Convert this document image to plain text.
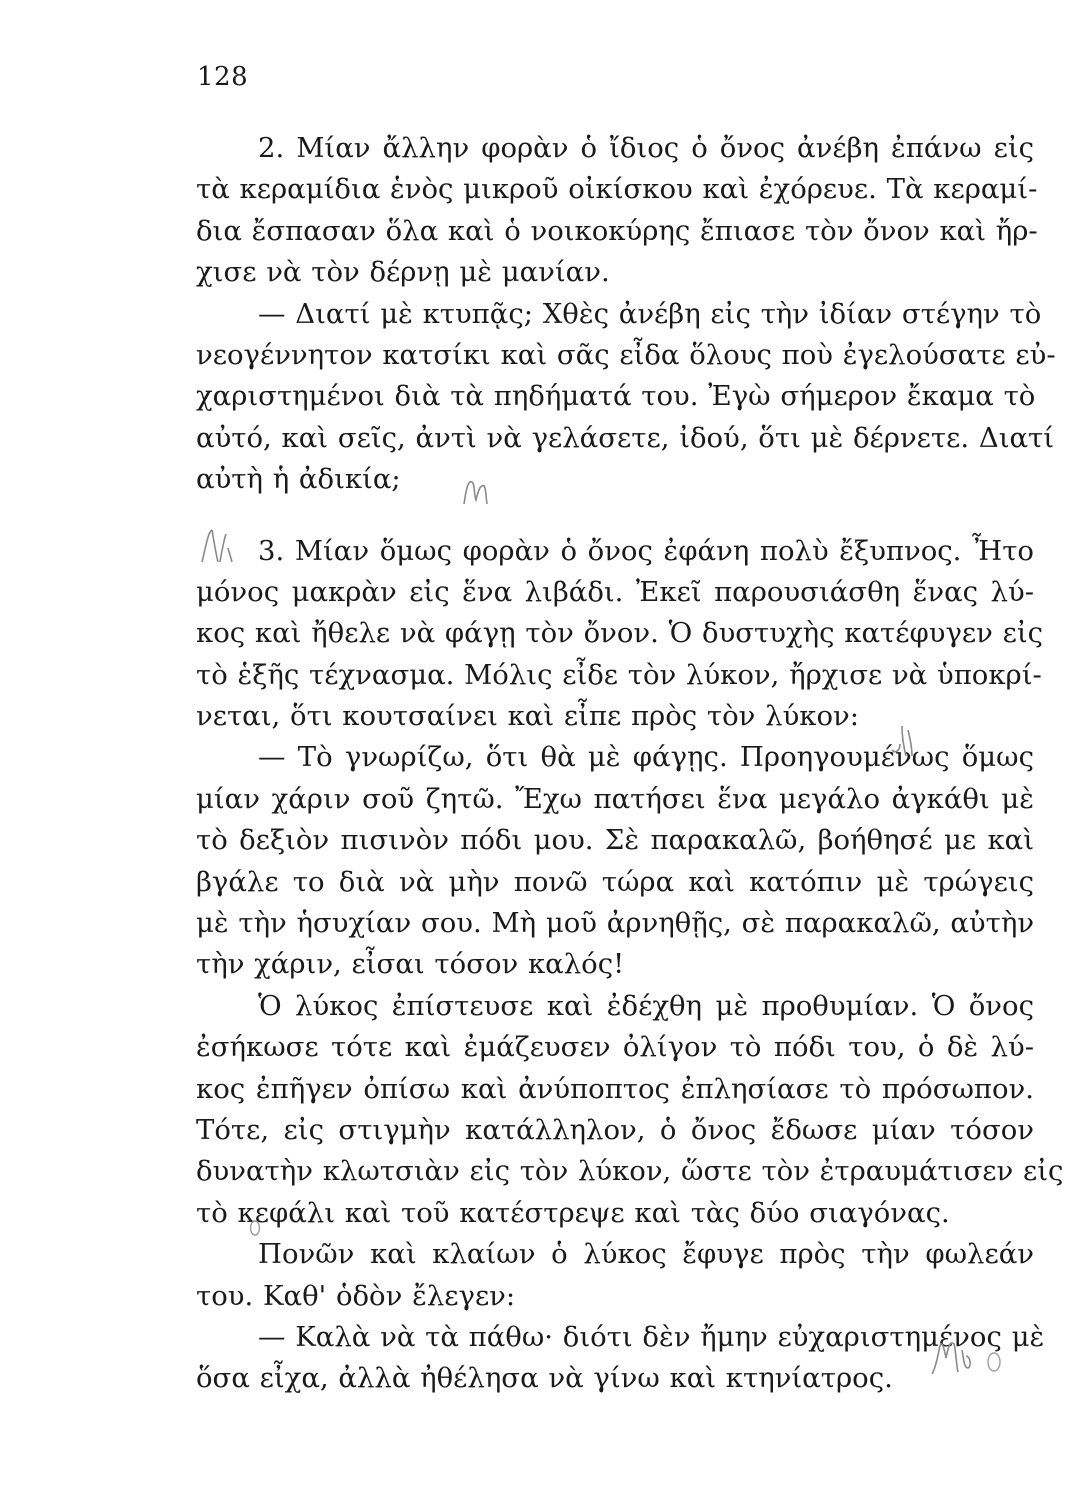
128
2. Μίαν ἄλλην φορὰν ὁ ἴδιος ὁ ὄνος ἀνέβη ἐπάνω εἰς
τὰ κεραμίδια ἑνὸς μικροῦ οἰκίσκου καὶ ἐχόρευε. Τὰ κεραμί-
δια ἔσπασαν ὅλα καὶ ὁ νοικοκύρης ἔπιασε τὸν ὄνον καὶ ἤρ-
χισε νὰ τὸν δέρνῃ μὲ μανίαν.
— Διατί μὲ κτυπᾷς; Χθὲς ἀνέβη εἰς τὴν ἰδίαν στέγην τὸ
νεογέννητον κατσίκι καὶ σᾶς εἶδα ὅλους ποὺ ἐγελούσατε εὐ-
χαριστημένοι διὰ τὰ πηδήματά του. Ἐγὼ σήμερον ἔκαμα τὸ
αὐτό, καὶ σεῖς, ἀντὶ νὰ γελάσετε, ἰδού, ὅτι μὲ δέρνετε. Διατί
αὐτὴ ἡ ἀδικία;
3. Μίαν ὅμως φορὰν ὁ ὄνος ἐφάνη πολὺ ἔξυπνος. Ἦτο
μόνος μακρὰν εἰς ἕνα λιβάδι. Ἐκεῖ παρουσιάσθη ἕνας λύ-
κος καὶ ἤθελε νὰ φάγῃ τὸν ὄνον. Ὁ δυστυχὴς κατέφυγεν εἰς
τὸ ἑξῆς τέχνασμα. Μόλις εἶδε τὸν λύκον, ἤρχισε νὰ ὑποκρί-
νεται, ὅτι κουτσαίνει καὶ εἶπε πρὸς τὸν λύκον:
— Τὸ γνωρίζω, ὅτι θὰ μὲ φάγῃς. Προηγουμένως ὅμως
μίαν χάριν σοῦ ζητῶ. Ἔχω πατήσει ἕνα μεγάλο ἀγκάθι μὲ
τὸ δεξιὸν πισινὸν πόδι μου. Σὲ παρακαλῶ, βοήθησέ με καὶ
βγάλε το διὰ νὰ μὴν πονῶ τώρα καὶ κατόπιν μὲ τρώγεις
μὲ τὴν ἡσυχίαν σου. Μὴ μοῦ ἀρνηθῇς, σὲ παρακαλῶ, αὐτὴν
τὴν χάριν, εἶσαι τόσον καλός!
Ὁ λύκος ἐπίστευσε καὶ ἐδέχθη μὲ προθυμίαν. Ὁ ὄνος
ἐσήκωσε τότε καὶ ἐμάζευσεν ὀλίγον τὸ πόδι του, ὁ δὲ λύ-
κος ἐπῆγεν ὀπίσω καὶ ἀνύποπτος ἐπλησίασε τὸ πρόσωπον.
Τότε, εἰς στιγμὴν κατάλληλον, ὁ ὄνος ἔδωσε μίαν τόσον
δυνατὴν κλωτσιὰν εἰς τὸν λύκον, ὥστε τὸν ἐτραυμάτισεν εἰς
τὸ κεφάλι καὶ τοῦ κατέστρεψε καὶ τὰς δύο σιαγόνας.
Πονῶν καὶ κλαίων ὁ λύκος ἔφυγε πρὸς τὴν φωλεάν
του. Καθ' ὁδὸν ἔλεγεν:
— Καλὰ νὰ τὰ πάθω· διότι δὲν ἤμην εὐχαριστημένος μὲ
ὅσα εἶχα, ἀλλὰ ἠθέλησα νὰ γίνω καὶ κτηνίατρος.
